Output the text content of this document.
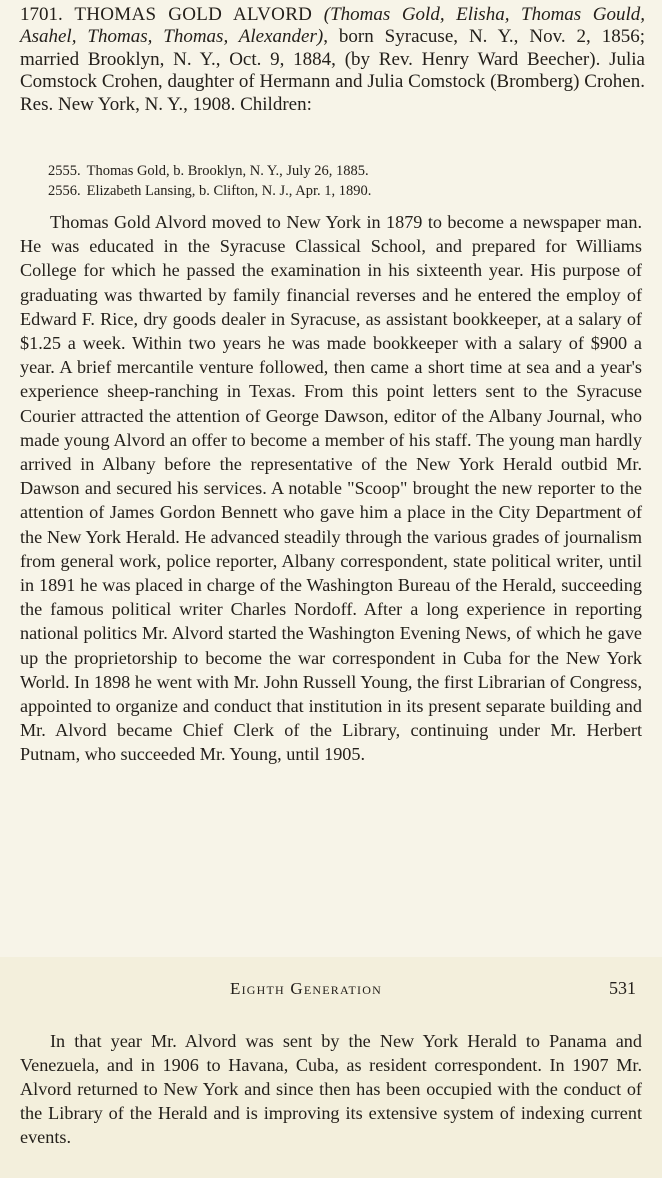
1701. THOMAS GOLD ALVORD (Thomas Gold, Elisha, Thomas Gould, Asahel, Thomas, Thomas, Alexander), born Syracuse, N. Y., Nov. 2, 1856; married Brooklyn, N. Y., Oct. 9, 1884, (by Rev. Henry Ward Beecher). Julia Comstock Crohen, daughter of Hermann and Julia Comstock (Bromberg) Crohen. Res. New York, N. Y., 1908. Children:

2555. Thomas Gold, b. Brooklyn, N. Y., July 26, 1885.
2556. Elizabeth Lansing, b. Clifton, N. J., Apr. 1, 1890.

Thomas Gold Alvord moved to New York in 1879 to become a newspaper man. He was educated in the Syracuse Classical School, and prepared for Williams College for which he passed the examination in his sixteenth year. His purpose of graduating was thwarted by family financial reverses and he entered the employ of Edward F. Rice, dry goods dealer in Syracuse, as assistant bookkeeper, at a salary of $1.25 a week. Within two years he was made bookkeeper with a salary of $900 a year. A brief mercantile venture followed, then came a short time at sea and a year's experience sheep-ranching in Texas. From this point letters sent to the Syracuse Courier attracted the attention of George Dawson, editor of the Albany Journal, who made young Alvord an offer to become a member of his staff. The young man hardly arrived in Albany before the representative of the New York Herald outbid Mr. Dawson and secured his services. A notable "Scoop" brought the new reporter to the attention of James Gordon Bennett who gave him a place in the City Department of the New York Herald. He advanced steadily through the various grades of journalism from general work, police reporter, Albany correspondent, state political writer, until in 1891 he was placed in charge of the Washington Bureau of the Herald, succeeding the famous political writer Charles Nordoff. After a long experience in reporting national politics Mr. Alvord started the Washington Evening News, of which he gave up the proprietorship to become the war correspondent in Cuba for the New York World. In 1898 he went with Mr. John Russell Young, the first Librarian of Congress, appointed to organize and conduct that institution in its present separate building and Mr. Alvord became Chief Clerk of the Library, continuing under Mr. Herbert Putnam, who succeeded Mr. Young, until 1905.

Eighth Generation	531

In that year Mr. Alvord was sent by the New York Herald to Panama and Venezuela, and in 1906 to Havana, Cuba, as resident correspondent. In 1907 Mr. Alvord returned to New York and since then has been occupied with the conduct of the Library of the Herald and is improving its extensive system of indexing current events.
